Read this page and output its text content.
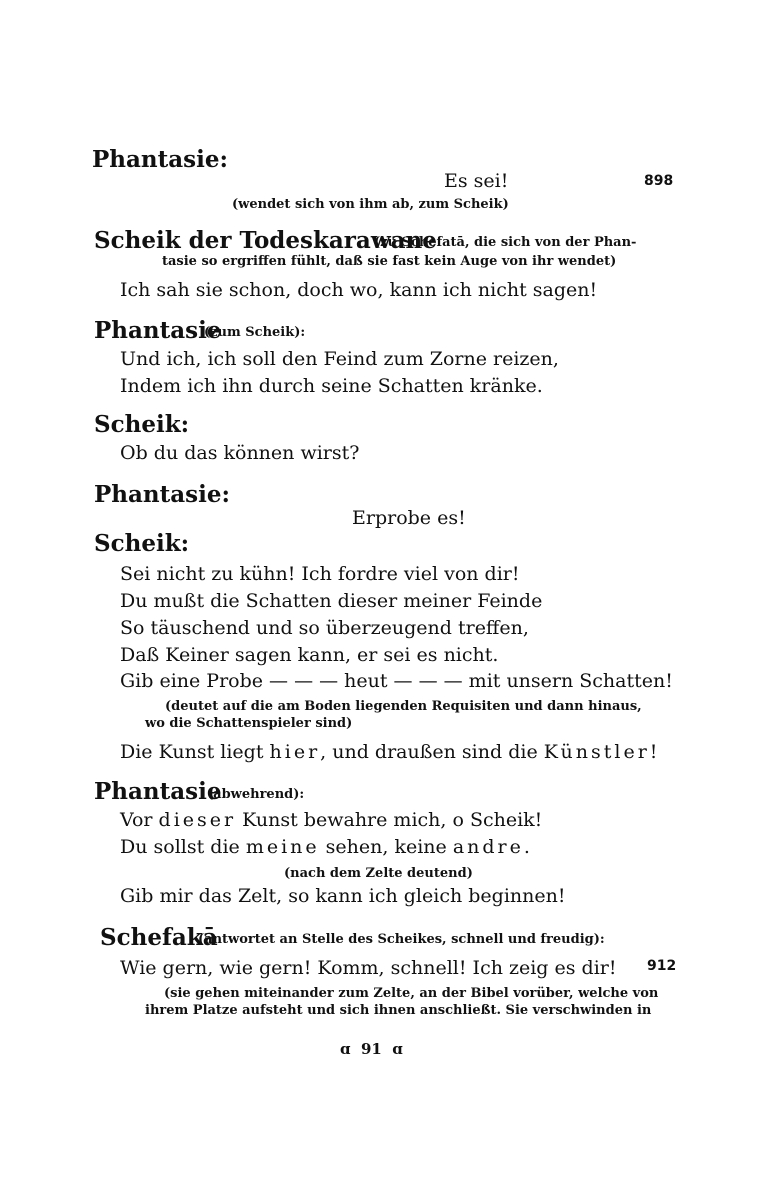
898
912
Phantasie:
Es sei!
(wendet sich von ihm ab, zum Scheik)
Scheik der Todeskarawane
(zu Schefatā, die sich von der Phan-
tasie so ergriffen fühlt, daß sie fast kein Auge von ihr wendet)
Ich sah sie schon, doch wo, kann ich nicht sagen!
Phantasie
(zum Scheik):
Und ich, ich soll den Feind zum Zorne reizen,
Indem ich ihn durch seine Schatten kränke.
Scheik:
Ob du das können wirst?
Phantasie:
Erprobe es!
Scheik:
Sei nicht zu kühn! Ich fordre viel von dir!
Du mußt die Schatten dieser meiner Feinde
So täuschend und so überzeugend treffen,
Daß Keiner sagen kann, er sei es nicht.
Gib eine Probe — — — heut — — — mit unsern Schatten!
(deutet auf die am Boden liegenden Requisiten und dann hinaus,
wo die Schattenspieler sind)
Die Kunst liegt hier, und draußen sind die Künstler!
Phantasie
(abwehrend):
Vor dieser Kunst bewahre mich, o Scheik!
Du sollst die meine sehen, keine andre.
(nach dem Zelte deutend)
Gib mir das Zelt, so kann ich gleich beginnen!
Schefakā
(antwortet an Stelle des Scheikes, schnell und freudig):
Wie gern, wie gern! Komm, schnell! Ich zeig es dir!
(sie gehen miteinander zum Zelte, an der Bibel vorüber, welche von
ihrem Platze aufsteht und sich ihnen anschließt. Sie verschwinden in
ɑ 91 ɑ
